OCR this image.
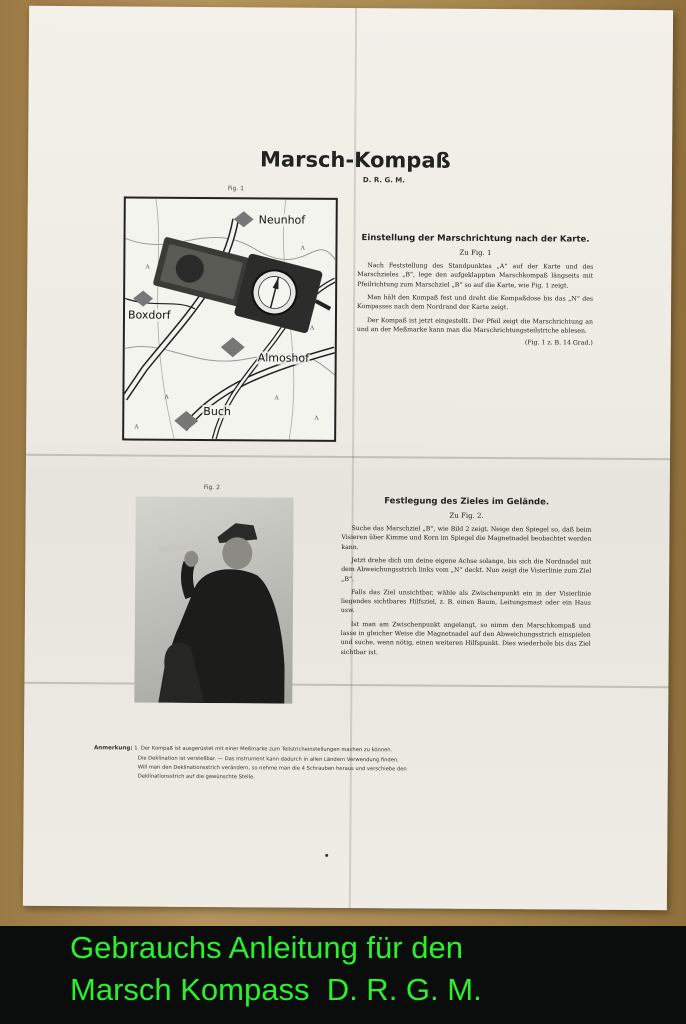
Marsch-Kompaß
D. R. G. M.
Fig. 1
ʌ
ʌ
ʌ
ʌ
ʌ
ʌ
ʌ
Neunhof
Boxdorf
Almoshof
Buch
Einstellung der Marschrichtung nach der Karte.
Zu Fig. 1

Nach Feststellung des Standpunktes „A“ auf der Karte und des Marschzieles „B“, lege den aufgeklappten Marschkompaß längseits mit Pfeilrichtung zum Marschziel „B“ so auf die Karte, wie Fig. 1 zeigt.

Man hält den Kompaß fest und dreht die Kompaßdose bis das „N“ des Kompasses nach dem Nordrand der Karte zeigt.

Der Kompaß ist jetzt eingestellt. Der Pfeil zeigt die Marschrichtung an und an der Meßmarke kann man die Marschrichtungsteilstriche ablesen.

(Fig. 1 z. B. 14 Grad.)

Fig. 2
Festlegung des Zieles im Gelände.
Zu Fig. 2.

Suche das Marschziel „B“, wie Bild 2 zeigt. Neige den Spiegel so, daß beim Visieren über Kimme und Korn im Spiegel die Magnetnadel beobachtet werden kann.

Jetzt drehe dich um deine eigene Achse solange, bis sich die Nordnadel mit dem Abweichungsstrich links vom „N“ deckt. Nun zeigt die Visierlinie zum Ziel „B“.

Falls das Ziel unsichtbar, wähle als Zwischenpunkt ein in der Visierlinie liegendes sichtbares Hilfsziel, z. B. einen Baum, Leitungsmast oder ein Haus usw.

Ist man am Zwischenpunkt angelangt, so nimm den Marschkompaß und lasse in gleicher Weise die Magnetnadel auf den Abweichungsstrich einspielen und suche, wenn nötig, einen weiteren Hilfspunkt. Dies wiederhole bis das Ziel sichtbar ist.

Anmerkung: 1. Der Kompaß ist ausgerüstet mit einer Meßmarke zum Teilstricheinstellungen machen zu können.
Die Deklination ist verstellbar. — Das Instrument kann dadurch in allen Ländern Verwendung finden.
Will man den Deklinationsstrich verändern, so nehme man die 4 Schrauben heraus und verschiebe den
Deklinationsstrich auf die gewünschte Stelle.
Gebrauchs Anleitung für den
Marsch Kompass  D. R. G. M.
